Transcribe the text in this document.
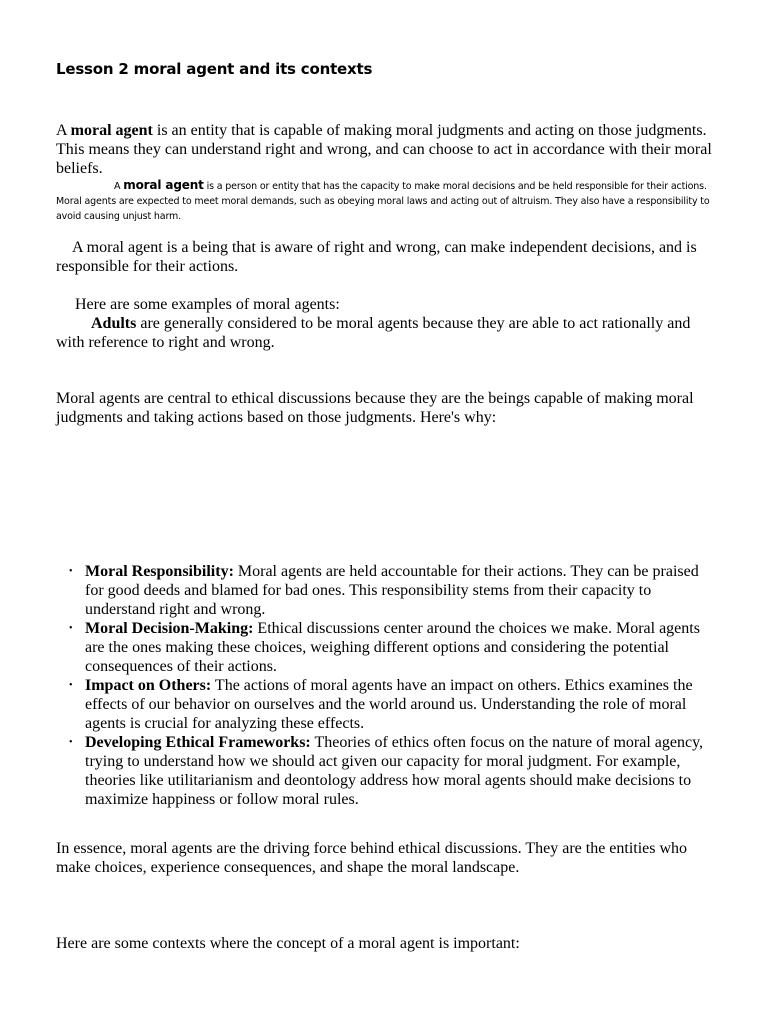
Lesson 2 moral agent and its contexts

A moral agent is an entity that is capable of making moral judgments and acting on those judgments. This means they can understand right and wrong, and can choose to act in accordance with their moral beliefs.

A moral agent is a person or entity that has the capacity to make moral decisions and be held responsible for their actions. Moral agents are expected to meet moral demands, such as obeying moral laws and acting out of altruism. They also have a responsibility to avoid causing unjust harm.

A moral agent is a being that is aware of right and wrong, can make independent decisions, and is responsible for their actions.

Here are some examples of moral agents:

Adults are generally considered to be moral agents because they are able to act rationally and with reference to right and wrong.

Moral agents are central to ethical discussions because they are the beings capable of making moral judgments and taking actions based on those judgments. Here's why:

• Moral Responsibility: Moral agents are held accountable for their actions. They can be praised for good deeds and blamed for bad ones. This responsibility stems from their capacity to understand right and wrong.
• Moral Decision-Making: Ethical discussions center around the choices we make. Moral agents are the ones making these choices, weighing different options and considering the potential consequences of their actions.
• Impact on Others: The actions of moral agents have an impact on others. Ethics examines the effects of our behavior on ourselves and the world around us. Understanding the role of moral agents is crucial for analyzing these effects.
• Developing Ethical Frameworks: Theories of ethics often focus on the nature of moral agency, trying to understand how we should act given our capacity for moral judgment. For example, theories like utilitarianism and deontology address how moral agents should make decisions to maximize happiness or follow moral rules.

In essence, moral agents are the driving force behind ethical discussions. They are the entities who make choices, experience consequences, and shape the moral landscape.

Here are some contexts where the concept of a moral agent is important:
